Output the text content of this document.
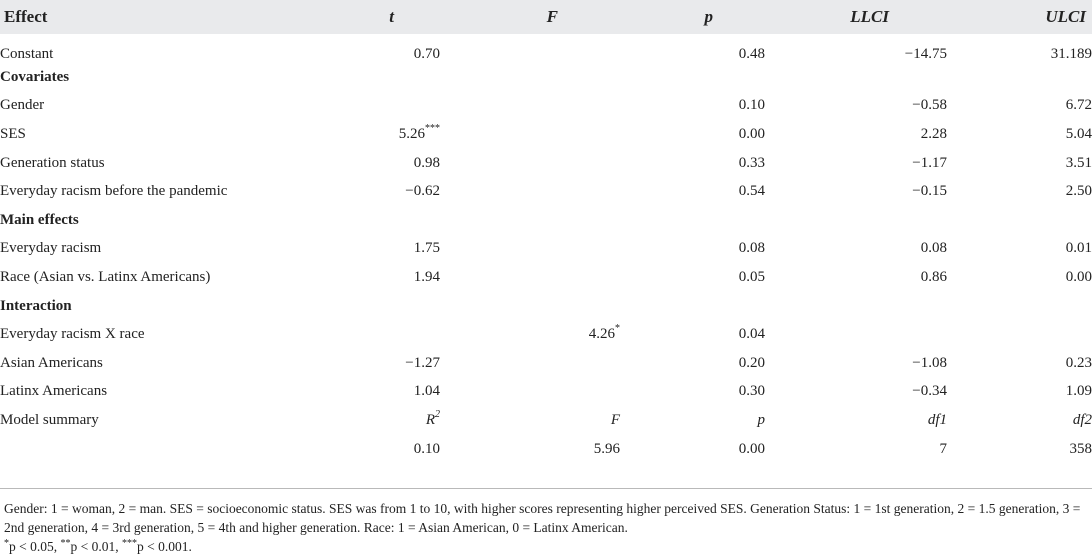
Effect	t	F	p	LLCI	ULCI
Constant	0.70		0.48	−14.75	31.189
Covariates					
Gender			0.10	−0.58	6.72
SES	5.26***		0.00	2.28	5.04
Generation status	0.98		0.33	−1.17	3.51
Everyday racism before the pandemic	−0.62		0.54	−0.15	2.50
Main effects					
Everyday racism	1.75		0.08	0.08	0.01
Race (Asian vs. Latinx Americans)	1.94		0.05	0.86	0.00
Interaction					
Everyday racism X race		4.26*	0.04		
Asian Americans	−1.27		0.20	−1.08	0.23
Latinx Americans	1.04		0.30	−0.34	1.09
Model summary	$R^2$	F	p	df1	df2
	0.10	5.96	0.00	7	358

Gender: 1 = woman, 2 = man. SES = socioeconomic status. SES was from 1 to 10, with higher scores representing higher perceived SES. Generation Status: 1 = 1st generation, 2 = 1.5 generation, 3 = 2nd generation, 4 = 3rd generation, 5 = 4th and higher generation. Race: 1 = Asian American, 0 = Latinx American.

*p < 0.05, **p < 0.01, ***p < 0.001.
